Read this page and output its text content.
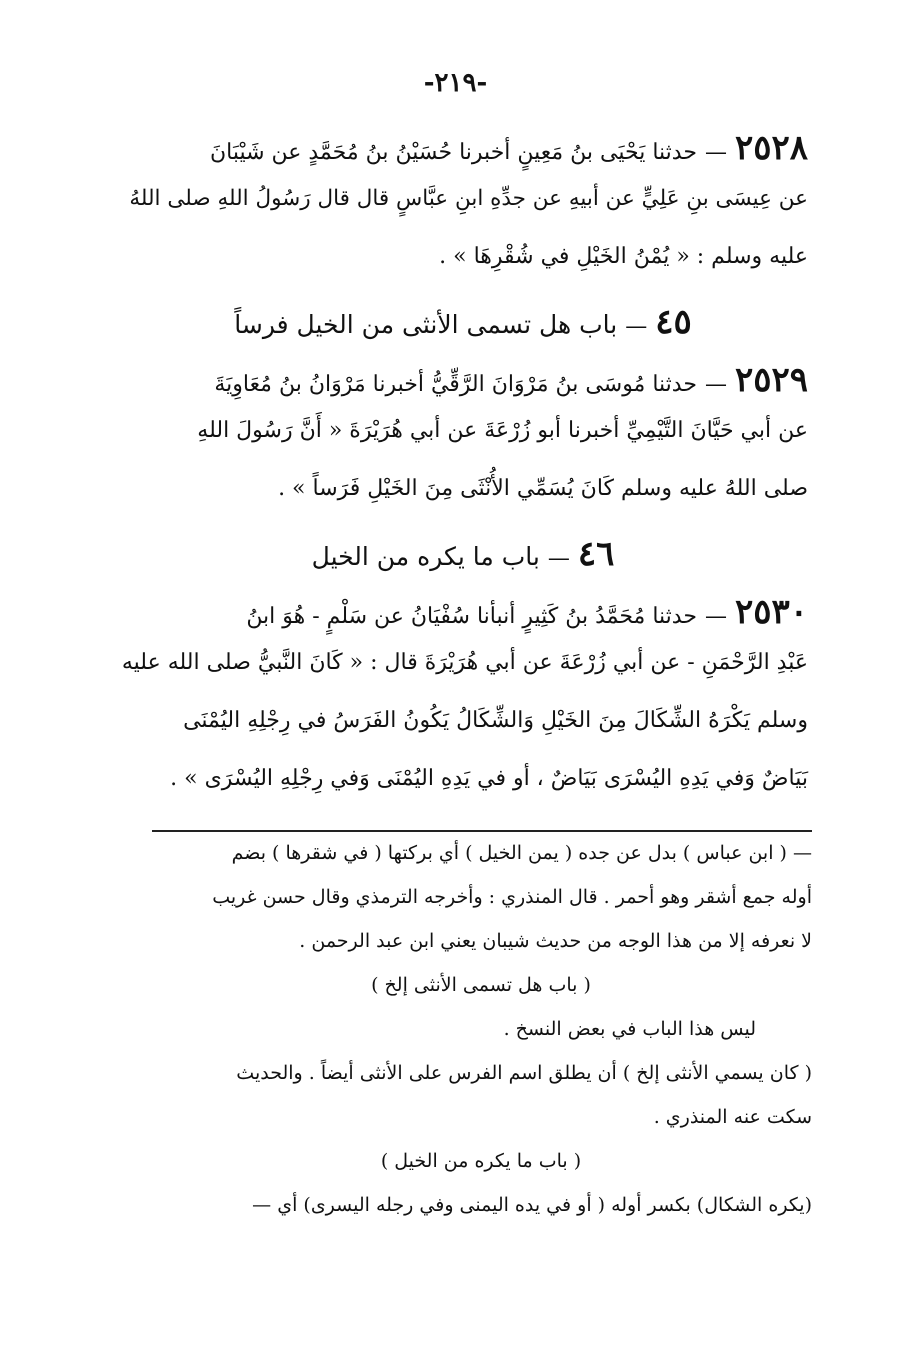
-٢١٩-
٢٥٢٨—حدثنا يَحْيَى بنُ مَعِينٍ أخبرنا حُسَيْنُ بنُ مُحَمَّدٍ عن شَيْبَانَ
عن عِيسَى بنِ عَلِيٍّ عن أبيهِ عن جدِّهِ ابنِ عبَّاسٍ قال قال رَسُولُ اللهِ صلى اللهُ
عليه وسلم : « يُمْنُ الخَيْلِ في شُقْرِهَا » .
٤٥
—
باب هل تسمى الأنثى من الخيل فرساً
٢٥٢٩
—
حدثنا مُوسَى بنُ مَرْوَانَ الرَّقِّيُّ أخبرنا مَرْوَانُ بنُ مُعَاوِيَةَ
عن أبي حَيَّانَ التَّيْمِيِّ أخبرنا أبو زُرْعَةَ عن أبي هُرَيْرَةَ « أَنَّ رَسُولَ اللهِ
صلى اللهُ عليه وسلم كَانَ يُسَمِّي الأُنْثَى مِنَ الخَيْلِ فَرَساً » .
٤٦
—
باب ما يكره من الخيل
٢٥٣٠
—
حدثنا مُحَمَّدُ بنُ كَثِيرٍ أنبأنا سُفْيَانُ عن سَلْمٍ - هُوَ ابنُ
عَبْدِ الرَّحْمَنِ - عن أبي زُرْعَةَ عن أبي هُرَيْرَةَ قال : « كَانَ النَّبيُّ صلى الله عليه
وسلم يَكْرَهُ الشِّكَالَ مِنَ الخَيْلِ وَالشِّكَالُ يَكُونُ الفَرَسُ في رِجْلِهِ اليُمْنَى
بَيَاضٌ وَفي يَدِهِ اليُسْرَى بَيَاضٌ ، أو في يَدِهِ اليُمْنَى وَفي رِجْلِهِ اليُسْرَى » .
— ( ابن عباس ) بدل عن جده ( يمن الخيل ) أي بركتها ( في شقرها ) بضم
أوله جمع أشقر وهو أحمر . قال المنذري : وأخرجه الترمذي وقال حسن غريب
لا نعرفه إلا من هذا الوجه من حديث شيبان يعني ابن عبد الرحمن .
( باب هل تسمى الأنثى إلخ )
ليس هذا الباب في بعض النسخ .
( كان يسمي الأنثى إلخ ) أن يطلق اسم الفرس على الأنثى أيضاً . والحديث
سكت عنه المنذري .
( باب ما يكره من الخيل )
(يكره الشكال) بكسر أوله ( أو في يده اليمنى وفي رجله اليسرى) أي —
